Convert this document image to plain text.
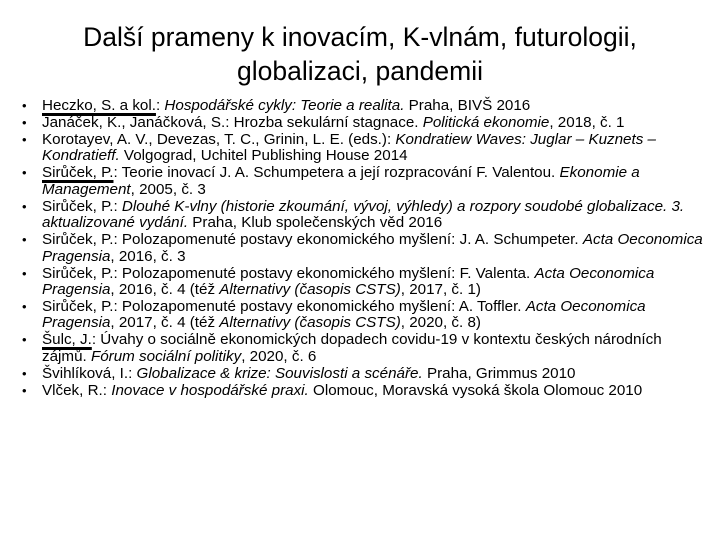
Další prameny k inovacím, K-vlnám, futurologii,
globalizaci, pandemii
• Heczko, S. a kol.: Hospodářské cykly: Teorie a realita. Praha, BIVŠ 2016
• Janáček, K., Janáčková, S.: Hrozba sekulární stagnace. Politická ekonomie, 2018, č. 1
• Korotayev, A. V., Devezas, T. C., Grinin, L. E. (eds.): Kondratiew Waves: Juglar – Kuznets – Kondratieff. Volgograd, Uchitel Publishing House 2014
• Sirůček, P.: Teorie inovací J. A. Schumpetera a její rozpracování F. Valentou. Ekonomie a Management, 2005, č. 3
• Sirůček, P.: Dlouhé K-vlny (historie zkoumání, vývoj, výhledy) a rozpory soudobé globalizace. 3. aktualizované vydání. Praha, Klub společenských věd 2016
• Sirůček, P.: Polozapomenuté postavy ekonomického myšlení: J. A. Schumpeter. Acta Oeconomica Pragensia, 2016, č. 3
• Sirůček, P.: Polozapomenuté postavy ekonomického myšlení: F. Valenta. Acta Oeconomica Pragensia, 2016, č. 4 (též Alternativy (časopis CSTS), 2017, č. 1)
• Sirůček, P.: Polozapomenuté postavy ekonomického myšlení: A. Toffler. Acta Oeconomica Pragensia, 2017, č. 4 (též Alternativy (časopis CSTS), 2020, č. 8)
• Šulc, J.: Úvahy o sociálně ekonomických dopadech covidu-19 v kontextu českých národních zájmů. Fórum sociální politiky, 2020, č. 6
• Švihlíková, I.: Globalizace & krize: Souvislosti a scénáře. Praha, Grimmus 2010
• Vlček, R.: Inovace v hospodářské praxi. Olomouc, Moravská vysoká škola Olomouc 2010
